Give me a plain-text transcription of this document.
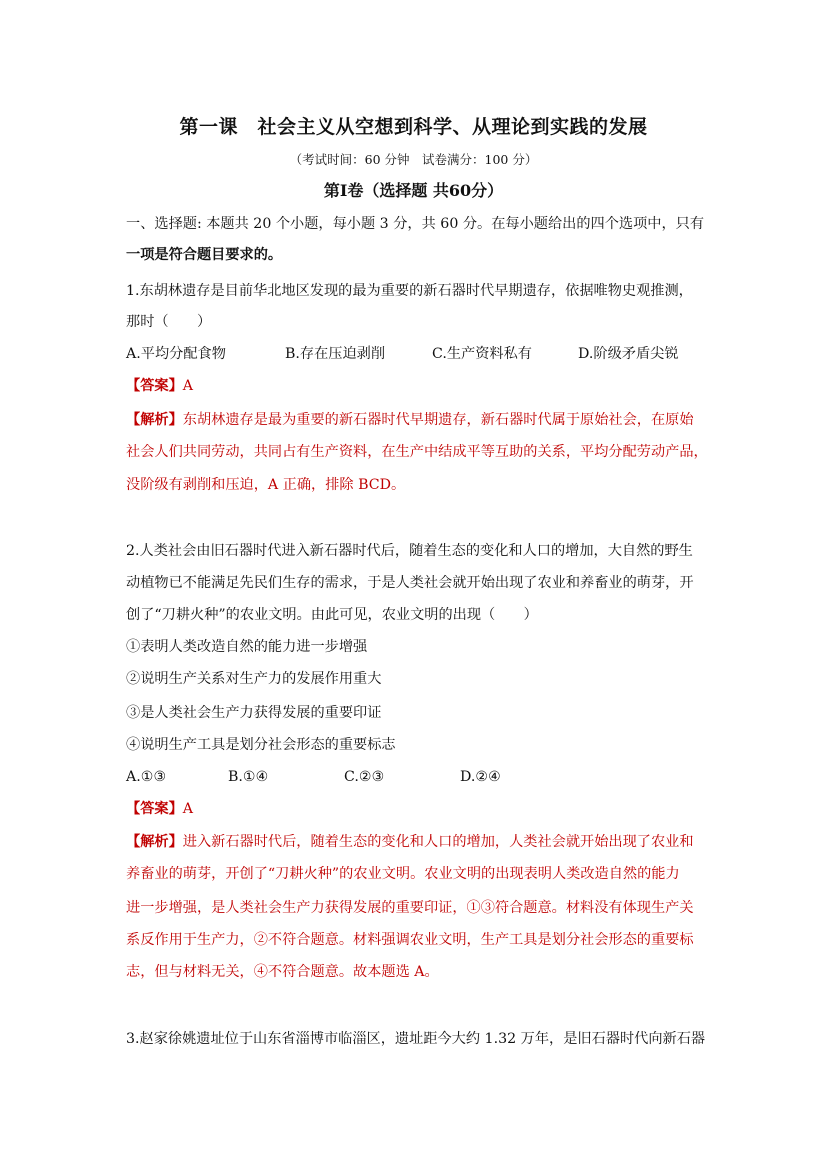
第一课　社会主义从空想到科学、从理论到实践的发展
（考试时间：60 分钟　试卷满分：100 分）
第Ⅰ卷（选择题 共60分）
一、选择题: 本题共 20 个小题，每小题 3 分，共 60 分。在每小题给出的四个选项中，只有
一项是符合题目要求的。
1.东胡林遗存是目前华北地区发现的最为重要的新石器时代早期遗存，依据唯物史观推测，
那时（　　）
A.平均分配食物	B.存在压迫剥削	C.生产资料私有	D.阶级矛盾尖锐
【答案】A
【解析】东胡林遗存是最为重要的新石器时代早期遗存，新石器时代属于原始社会，在原始
社会人们共同劳动，共同占有生产资料，在生产中结成平等互助的关系，平均分配劳动产品，
没阶级有剥削和压迫，A 正确，排除 BCD。
2.人类社会由旧石器时代进入新石器时代后，随着生态的变化和人口的增加，大自然的野生
动植物已不能满足先民们生存的需求，于是人类社会就开始出现了农业和养畜业的萌芽，开
创了“刀耕火种”的农业文明。由此可见，农业文明的出现（　　）
①表明人类改造自然的能力进一步增强
②说明生产关系对生产力的发展作用重大
③是人类社会生产力获得发展的重要印证
④说明生产工具是划分社会形态的重要标志
A.①③	B.①④	C.②③	D.②④
【答案】A
【解析】进入新石器时代后，随着生态的变化和人口的增加，人类社会就开始出现了农业和
养畜业的萌芽，开创了“刀耕火种”的农业文明。农业文明的出现表明人类改造自然的能力
进一步增强，是人类社会生产力获得发展的重要印证，①③符合题意。材料没有体现生产关
系反作用于生产力，②不符合题意。材料强调农业文明，生产工具是划分社会形态的重要标
志，但与材料无关，④不符合题意。故本题选 A。
3.赵家徐姚遗址位于山东省淄博市临淄区，遗址距今大约 1.32 万年，是旧石器时代向新石器
